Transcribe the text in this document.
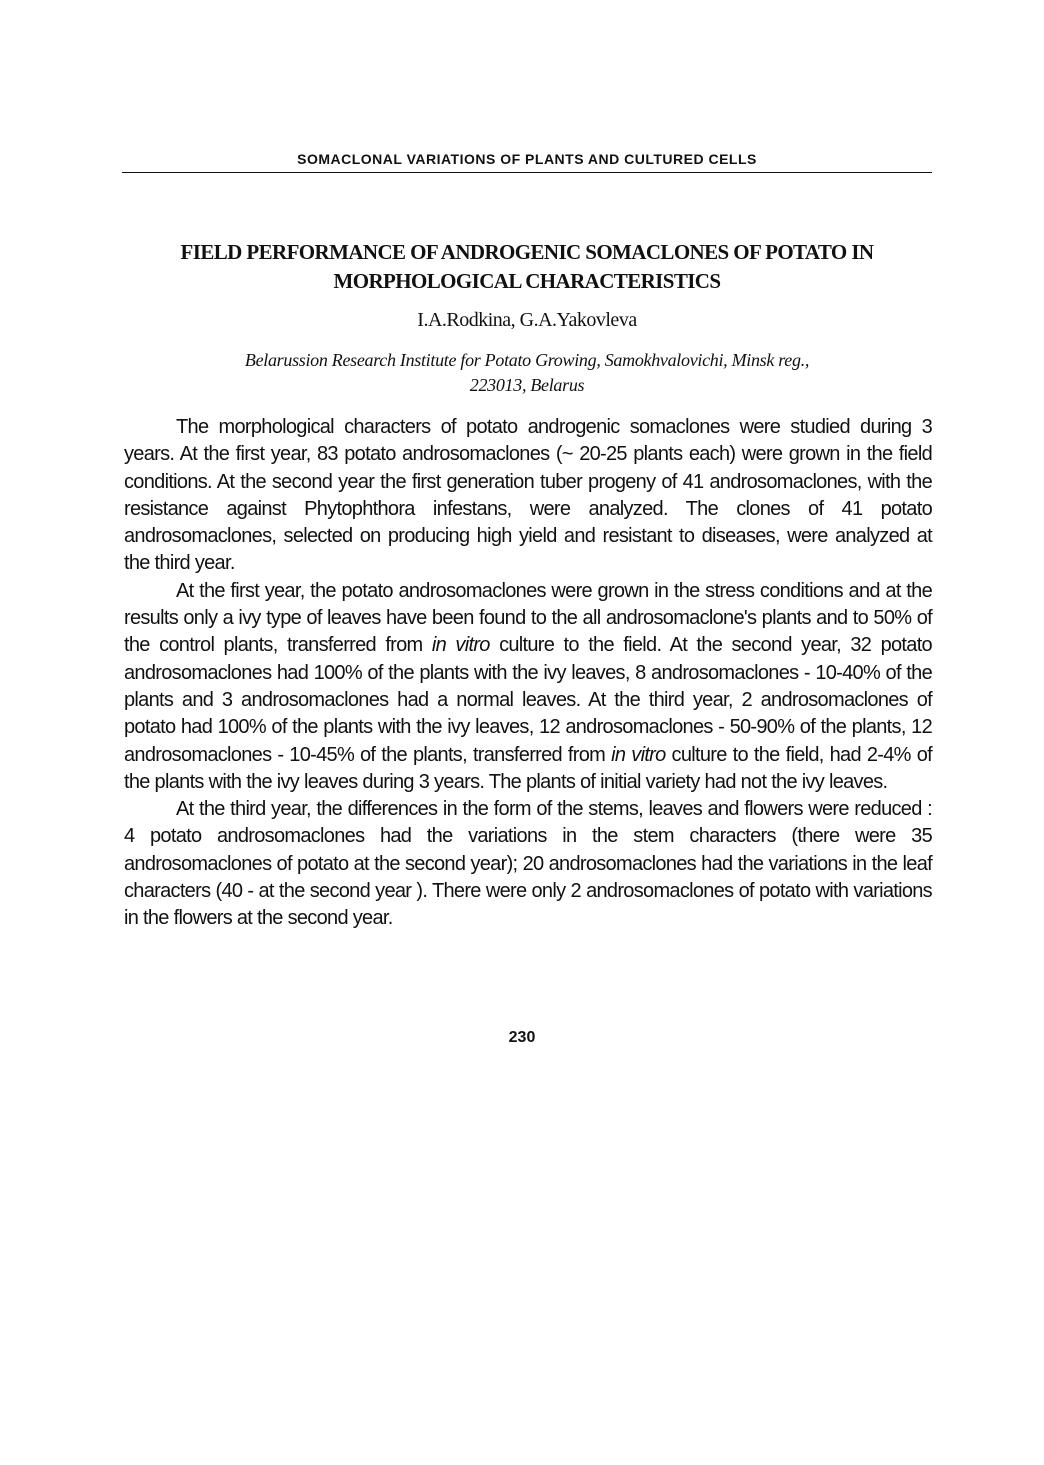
SOMACLONAL VARIATIONS OF PLANTS AND CULTURED CELLS
FIELD PERFORMANCE OF ANDROGENIC SOMACLONES OF POTATO IN
MORPHOLOGICAL CHARACTERISTICS
I.A.Rodkina, G.A.Yakovleva
Belarussion Research Institute for Potato Growing, Samokhvalovichi, Minsk reg.,
223013, Belarus

The morphological characters of potato androgenic somaclones were studied during 3 years. At the first year, 83 potato androsomaclones (~ 20-25 plants each) were grown in the field conditions. At the second year the first generation tuber progeny of 41 androsomaclones, with the resistance against Phytophthora infestans, were analyzed. The clones of 41 potato androsomaclones, selected on producing high yield and resistant to diseases, were analyzed at the third year.

At the first year, the potato androsomaclones were grown in the stress conditions and at the results only a ivy type of leaves have been found to the all androsomaclone's plants and to 50% of the control plants, transferred from in vitro culture to the field. At the second year, 32 potato androsomaclones had 100% of the plants with the ivy leaves, 8 androsomaclones - 10-40% of the plants and 3 androsomaclones had a normal leaves. At the third year, 2 androsomaclones of potato had 100% of the plants with the ivy leaves, 12 androsomaclones - 50-90% of the plants, 12 androsomaclones - 10-45% of the plants, transferred from in vitro culture to the field, had 2-4% of the plants with the ivy leaves during 3 years. The plants of initial variety had not the ivy leaves.

At the third year, the differences in the form of the stems, leaves and flowers were reduced : 4 potato androsomaclones had the variations in the stem characters (there were 35 androsomaclones of potato at the second year); 20 androsomaclones had the variations in the leaf characters (40 - at the second year ). There were only 2 androsomaclones of potato with variations in the flowers at the second year.

230
